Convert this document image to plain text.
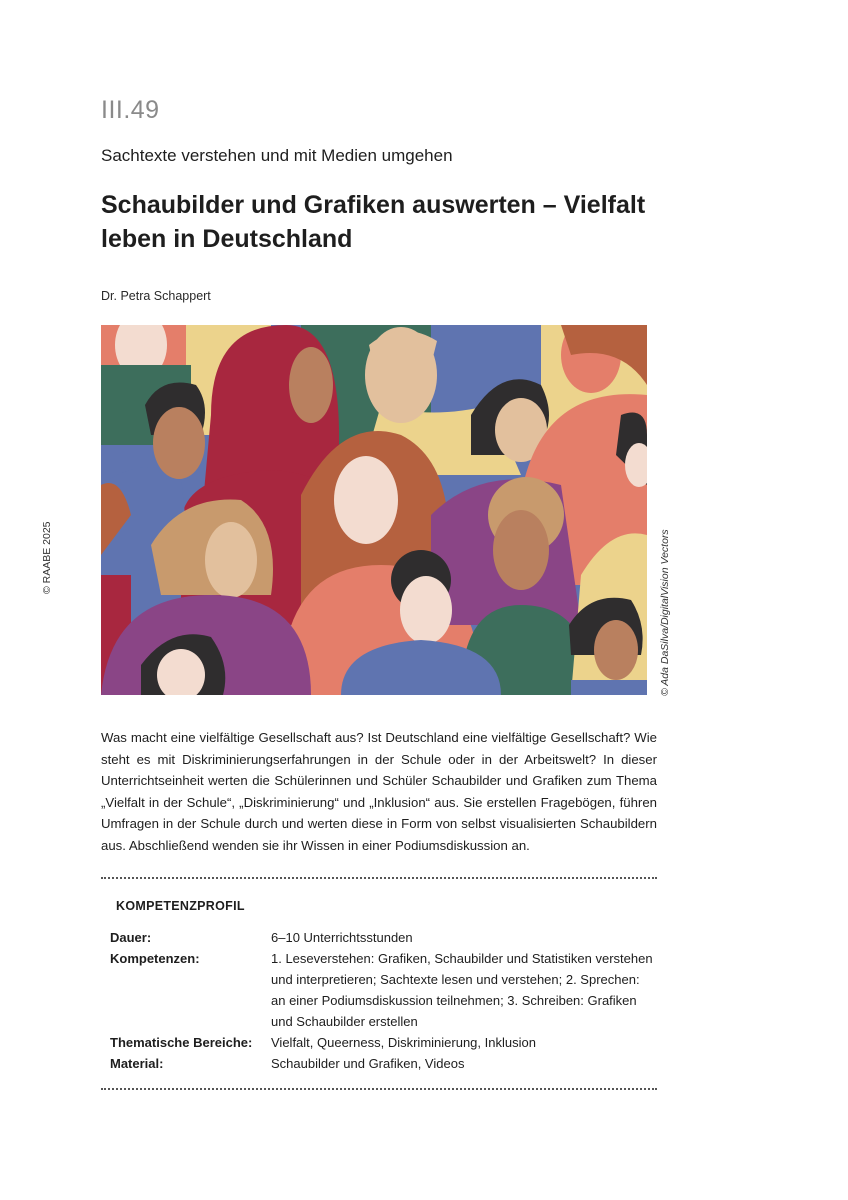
III.49
Sachtexte verstehen und mit Medien umgehen
Schaubilder und Grafiken auswerten – Vielfalt leben in Deutschland
Dr. Petra Schappert
© RAABE 2025	© Ada DaSilva/DigitalVision Vectors

Was macht eine vielfältige Gesellschaft aus? Ist Deutschland eine vielfältige Gesellschaft? Wie steht es mit Diskriminierungserfahrungen in der Schule oder in der Arbeitswelt? In dieser Unterrichtseinheit werten die Schülerinnen und Schüler Schaubilder und Grafiken zum Thema „Vielfalt in der Schule“, „Diskriminierung“ und „Inklusion“ aus. Sie erstellen Fragebögen, führen Umfragen in der Schule durch und werten diese in Form von selbst visualisierten Schaubildern aus. Abschließend wenden sie ihr Wissen in einer Podiumsdiskussion an.

KOMPETENZPROFIL
Dauer:	6–10 Unterrichtsstunden
Kompetenzen:	1. Leseverstehen: Grafiken, Schaubilder und Statistiken verstehen und interpretieren; Sachtexte lesen und verstehen; 2. Sprechen: an einer Podiumsdiskussion teilnehmen; 3. Schreiben: Grafiken und Schaubilder erstellen
Thematische Bereiche:	Vielfalt, Queerness, Diskriminierung, Inklusion
Material:	Schaubilder und Grafiken, Videos
